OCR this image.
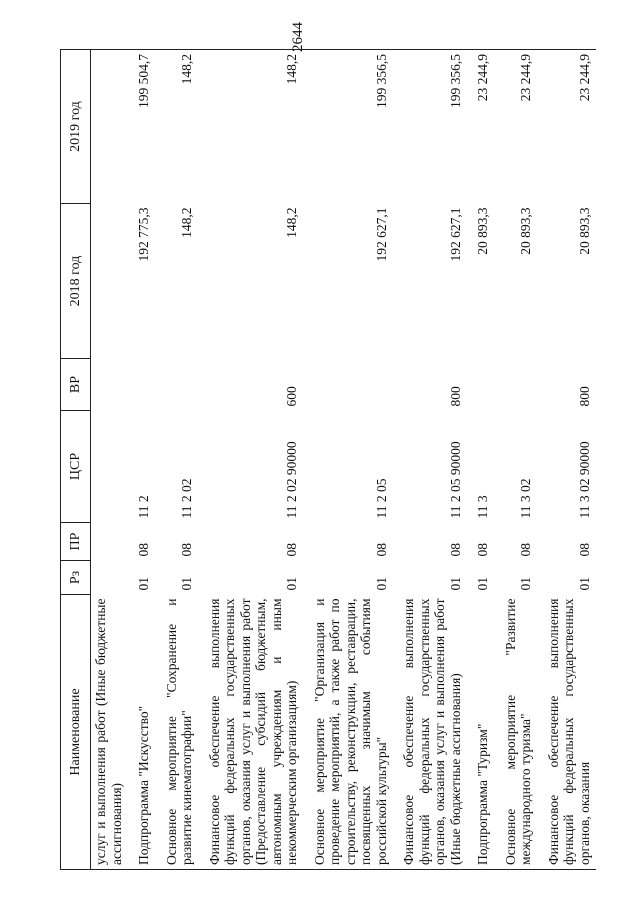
2644
Наименование	Рз	ПР	ЦСР	ВР	2018 год	2019 год
услуг и выполнения работ (Иные бюджетные ассигнования)						
Подпрограмма "Искусство"	01	08	11 2		192 775,3	199 504,7
Основное мероприятие "Сохранение и развитие кинематографии"	01	08	11 2 02		148,2	148,2
Финансовое обеспечение выполнения функций федеральных государственных органов, оказания услуг и выполнения работ (Предоставление субсидий бюджетным, автономным учреждениям и иным некоммерческим организациям)	01	08	11 2 02 90000	600	148,2	148,2
Основное мероприятие "Организация и проведение мероприятий, а также работ по строительству, реконструкции, реставрации, посвященных значимым событиям российской культуры"	01	08	11 2 05		192 627,1	199 356,5
Финансовое обеспечение выполнения функций федеральных государственных органов, оказания услуг и выполнения работ (Иные бюджетные ассигнования)	01	08	11 2 05 90000	800	192 627,1	199 356,5
Подпрограмма "Туризм"	01	08	11 3		20 893,3	23 244,9
Основное мероприятие "Развитие международного туризма"	01	08	11 3 02		20 893,3	23 244,9
Финансовое обеспечение выполнения функций федеральных государственных органов, оказания	01	08	11 3 02 90000	800	20 893,3	23 244,9
